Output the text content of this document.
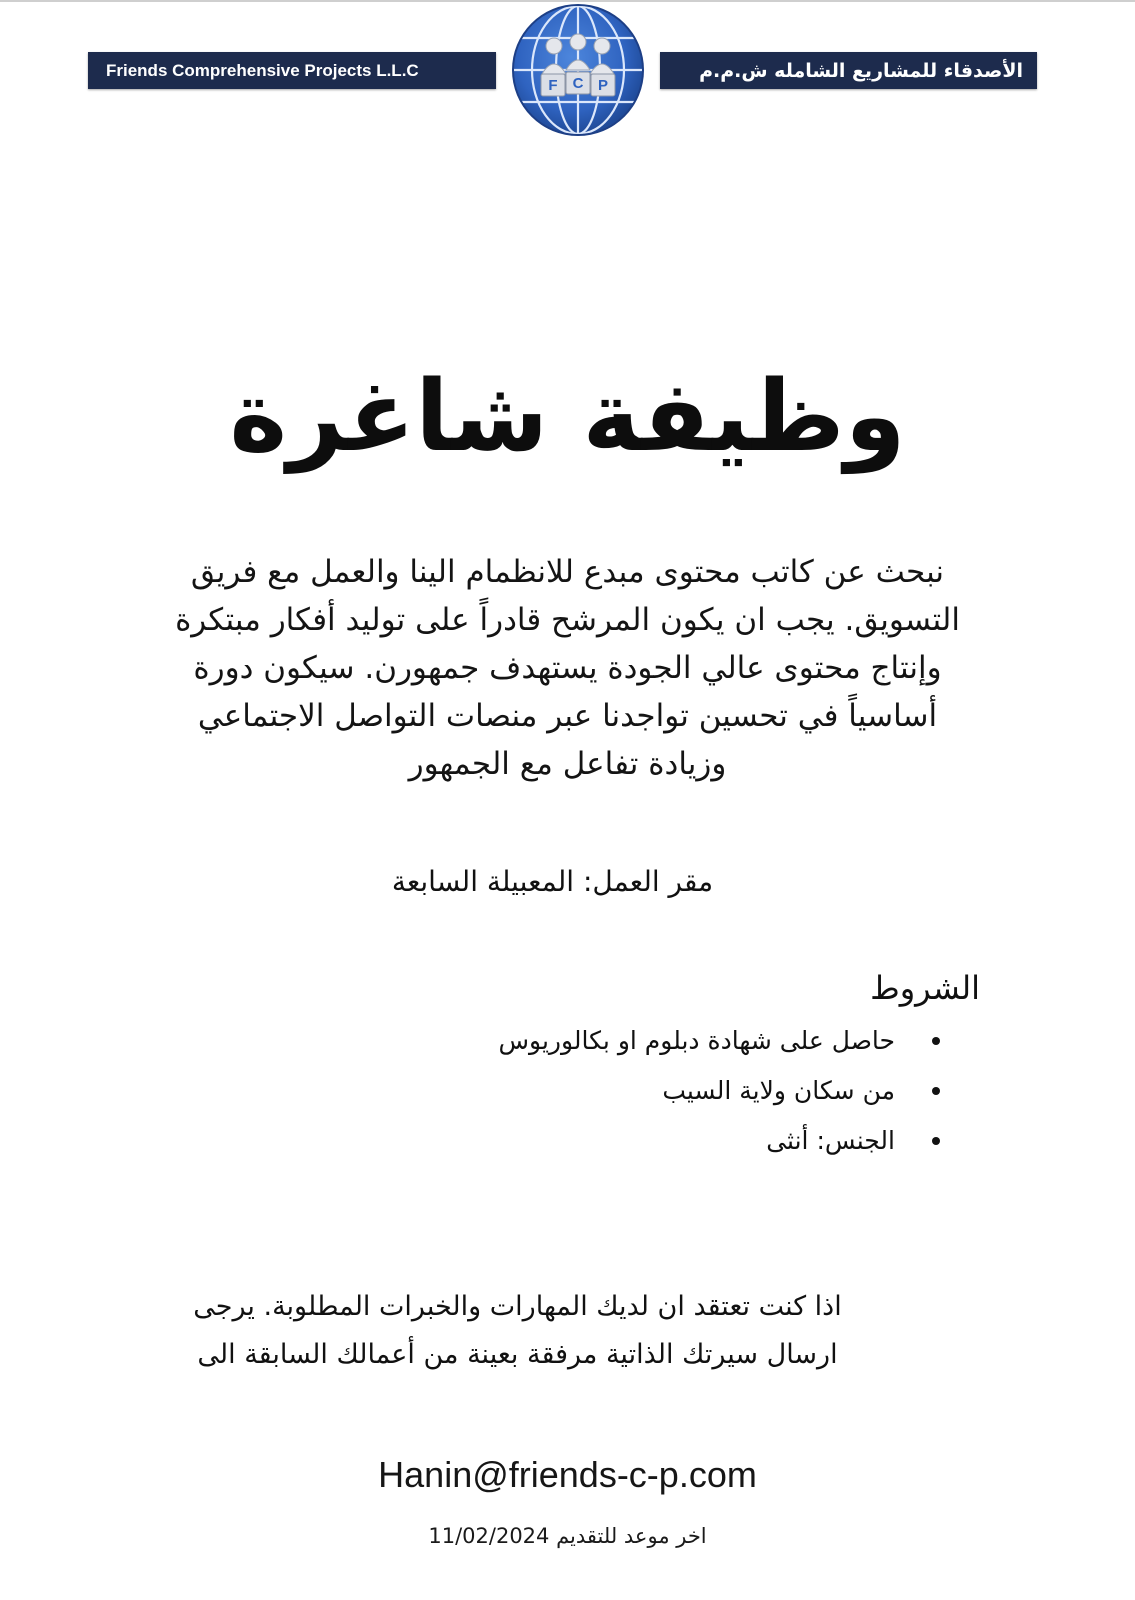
Friends Comprehensive Projects L.L.C
F C P
الأصدقاء للمشاريع الشامله ش.م.م
وظيفة شاغرة
نبحث عن كاتب محتوى مبدع للانظمام الينا والعمل مع فريق
التسويق. يجب ان يكون المرشح قادراً على توليد أفكار مبتكرة
وإنتاج محتوى عالي الجودة يستهدف جمهورن. سيكون دورة
أساسياً في تحسين تواجدنا عبر منصات التواصل الاجتماعي
وزيادة تفاعل مع الجمهور
مقر العمل: المعبيلة السابعة
الشروط
حاصل على شهادة دبلوم او بكالوريوس
من سكان ولاية السيب
الجنس: أنثى
اذا كنت تعتقد ان لديك المهارات والخبرات المطلوبة. يرجى
ارسال سيرتك الذاتية مرفقة بعينة من أعمالك السابقة الى
Hanin@friends-c-p.com
اخر موعد للتقديم 11/02/2024
